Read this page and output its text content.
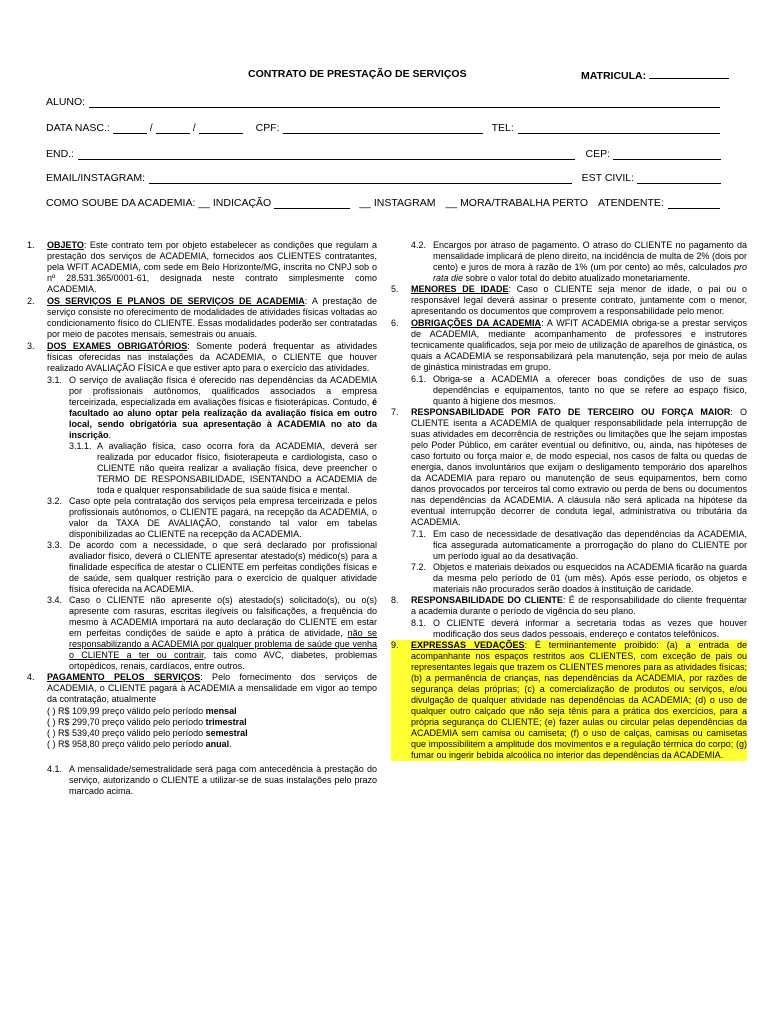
CONTRATO DE PRESTAÇÃO DE SERVIÇOS	MATRICULA:
ALUNO:
DATA NASC.:	/	/	CPF:	TEL:
END.:	CEP:
EMAIL/INSTAGRAM:	EST CIVIL:
COMO SOUBE DA ACADEMIA: __ INDICAÇÃO	__ INSTAGRAM __ MORA/TRABALHA PERTO ATENDENTE:
1.	OBJETO: Este contrato tem por objeto estabelecer as condições que regulam a prestação dos serviços de ACADEMIA, fornecidos aos CLIENTES contratantes, pela WFIT ACADEMIA, com sede em Belo Horizonte/MG, inscrita no CNPJ sob o nº 28.531.365/0001-61, designada neste contrato simplesmente como ACADEMIA.
2.	OS SERVIÇOS E PLANOS DE SERVIÇOS DE ACADEMIA: A prestação de serviço consiste no oferecimento de modalidades de atividades físicas voltadas ao condicionamento físico do CLIENTE. Essas modalidades poderão ser contratadas por meio de pacotes mensais, semestrais ou anuais.
3.	DOS EXAMES OBRIGATÓRIOS: Somente poderá frequentar as atividades físicas oferecidas nas instalações da ACADEMIA, o CLIENTE que houver realizado AVALIAÇÃO FÍSICA e que estiver apto para o exercício das atividades.
3.1. O serviço de avaliação física é oferecido nas dependências da ACADEMIA por profissionais autônomos, qualificados associados a empresa terceirizada, especializada em avaliações físicas e fisioterápicas. Contudo, é facultado ao aluno optar pela realização da avaliação física em outro local, sendo obrigatória sua apresentação à ACADEMIA no ato da inscrição.
3.1.1. A avaliação física, caso ocorra fora da ACADEMIA, deverá ser realizada por educador físico, fisioterapeuta e cardiologista, caso o CLIENTE não queira realizar a avaliação física, deve preencher o TERMO DE RESPONSABILIDADE, ISENTANDO a ACADEMIA de toda e qualquer responsabilidade de sua saúde física e mental.
3.2. Caso opte pela contratação dos serviços pela empresa terceirizada e pelos profissionais autônomos, o CLIENTE pagará, na recepção da ACADEMIA, o valor da TAXA DE AVALIAÇÃO, constando tal valor em tabelas disponibilizadas ao CLIENTE na recepção da ACADEMIA.
3.3. De acordo com a necessidade, o que será declarado por profissional avaliador físico, deverá o CLIENTE apresentar atestado(s) médico(s) para a finalidade específica de atestar o CLIENTE em perfeitas condições físicas e de saúde, sem qualquer restrição para o exercício de qualquer atividade física oferecida na ACADEMIA.
3.4. Caso o CLIENTE não apresente o(s) atestado(s) solicitado(s), ou o(s) apresente com rasuras, escritas ilegíveis ou falsificações, a frequência do mesmo à ACADEMIA importará na auto declaração do CLIENTE em estar em perfeitas condições de saúde e apto à prática de atividade, não se responsabilizando a ACADEMIA por qualquer problema de saúde que venha o CLIENTE a ter ou contrair, tais como AVC, diabetes, problemas ortopédicos, renais, cardíacos, entre outros.
4.	PAGAMENTO PELOS SERVIÇOS: Pelo fornecimento dos serviços de ACADEMIA, o CLIENTE pagará à ACADEMIA a mensalidade em vigor ao tempo da contratação, atualmente
( ) R$ 109,99 preço válido pelo período mensal
( ) R$ 299,70 preço válido pelo período trimestral
( ) R$ 539,40 preço válido pelo período semestral
( ) R$ 958,80 preço válido pelo período anual.
4.1. A mensalidade/semestralidade será paga com antecedência à prestação do serviço, autorizando o CLIENTE a utilizar-se de suas instalações pelo prazo marcado acima.
4.2. Encargos por atraso de pagamento. O atraso do CLIENTE no pagamento da mensalidade implicará de pleno direito, na incidência de multa de 2% (dois por cento) e juros de mora à razão de 1% (um por cento) ao mês, calculados pro rata die sobre o valor total do debito atualizado monetariamente.
5.	MENORES DE IDADE: Caso o CLIENTE seja menor de idade, o pai ou o responsável legal deverá assinar o presente contrato, juntamente com o menor, apresentando os documentos que comprovem a responsabilidade pelo menor.
6.	OBRIGAÇÕES DA ACADEMIA: A WFIT ACADEMIA obriga-se a prestar serviços de ACADEMIA, mediante acompanhamento de professores e instrutores tecnicamente qualificados, seja por meio de utilização de aparelhos de ginástica, os quais a ACADEMIA se responsabilizará pela manutenção, seja por meio de aulas de ginástica ministradas em grupo.
6.1. Obriga-se a ACADEMIA a oferecer boas condições de uso de suas dependências e equipamentos, tanto no que se refere ao espaço físico, quanto à higiene dos mesmos.
7.	RESPONSABILIDADE POR FATO DE TERCEIRO OU FORÇA MAIOR: O CLIENTE isenta a ACADEMIA de qualquer responsabilidade pela interrupção de suas atividades em decorrência de restrições ou limitações que lhe sejam impostas pelo Poder Público, em caráter eventual ou definitivo, ou, ainda, nas hipóteses de caso fortuito ou força maior e, de modo especial, nos casos de falta ou quedas de energia, danos involuntários que exijam o desligamento temporário dos aparelhos da ACADEMIA para reparo ou manutenção de seus equipamentos, bem como danos provocados por terceiros tal como extravio ou perda de bens ou documentos nas dependências da ACADEMIA. A cláusula não será aplicada na hipótese da eventual interrupção decorrer de conduta legal, administrativa ou tributária da ACADEMIA.
7.1. Em caso de necessidade de desativação das dependências da ACADEMIA, fica assegurada automaticamente a prorrogação do plano do CLIENTE por um período igual ao da desativação.
7.2. Objetos e materiais deixados ou esquecidos na ACADEMIA ficarão na guarda da mesma pelo período de 01 (um mês). Após esse período, os objetos e materiais não procurados serão doados à instituição de caridade.
8.	RESPONSABILIDADE DO CLIENTE: É de responsabilidade do cliente frequentar a academia durante o período de vigência do seu plano.
8.1. O CLIENTE deverá informar a secretaria todas as vezes que houver modificação dos seus dados pessoais, endereço e contatos telefônicos.
9.	EXPRESSAS VEDAÇÕES: É terminantemente proibido: (a) a entrada de acompanhante nos espaços restritos aos CLIENTES, com exceção de pais ou representantes legais que trazem os CLIENTES menores para as atividades físicas; (b) a permanência de crianças, nas dependências da ACADEMIA, por razões de segurança delas próprias; (c) a comercialização de produtos ou serviços, e/ou divulgação de qualquer atividade nas dependências da ACADEMIA; (d) o uso de qualquer outro calçado que não seja tênis para a prática dos exercícios, para a própria segurança do CLIENTE; (e) fazer aulas ou circular pelas dependências da ACADEMIA sem camisa ou camiseta; (f) o uso de calças, camisas ou camisetas que impossibilitem a amplitude dos movimentos e a regulação térmica do corpo; (g) fumar ou ingerir bebida alcoólica no interior das dependências da ACADEMIA.
